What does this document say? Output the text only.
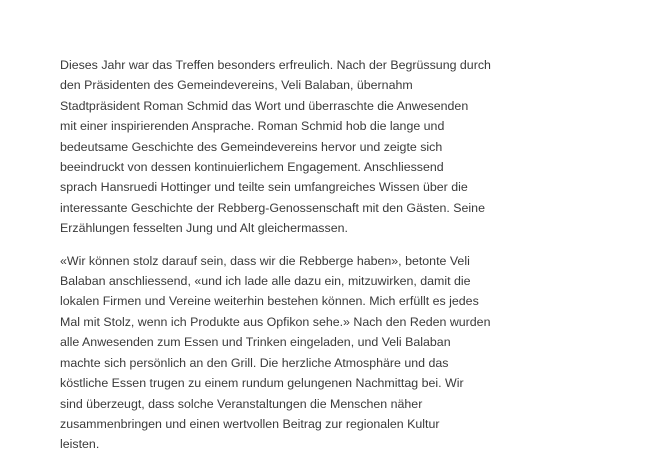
Dieses Jahr war das Treffen besonders erfreulich. Nach der Begrüssung durch
den Präsidenten des Gemeindevereins, Veli Balaban, übernahm
Stadtpräsident Roman Schmid das Wort und überraschte die Anwesenden
mit einer inspirierenden Ansprache. Roman Schmid hob die lange und
bedeutsame Geschichte des Gemeindevereins hervor und zeigte sich
beeindruckt von dessen kontinuierlichem Engagement. Anschliessend
sprach Hansruedi Hottinger und teilte sein umfangreiches Wissen über die
interessante Geschichte der Rebberg-Genossenschaft mit den Gästen. Seine
Erzählungen fesselten Jung und Alt gleichermassen.

«Wir können stolz darauf sein, dass wir die Rebberge haben», betonte Veli
Balaban anschliessend, «und ich lade alle dazu ein, mitzuwirken, damit die
lokalen Firmen und Vereine weiterhin bestehen können. Mich erfüllt es jedes
Mal mit Stolz, wenn ich Produkte aus Opfikon sehe.» Nach den Reden wurden
alle Anwesenden zum Essen und Trinken eingeladen, und Veli Balaban
machte sich persönlich an den Grill. Die herzliche Atmosphäre und das
köstliche Essen trugen zu einem rundum gelungenen Nachmittag bei. Wir
sind überzeugt, dass solche Veranstaltungen die Menschen näher
zusammenbringen und einen wertvollen Beitrag zur regionalen Kultur
leisten.
